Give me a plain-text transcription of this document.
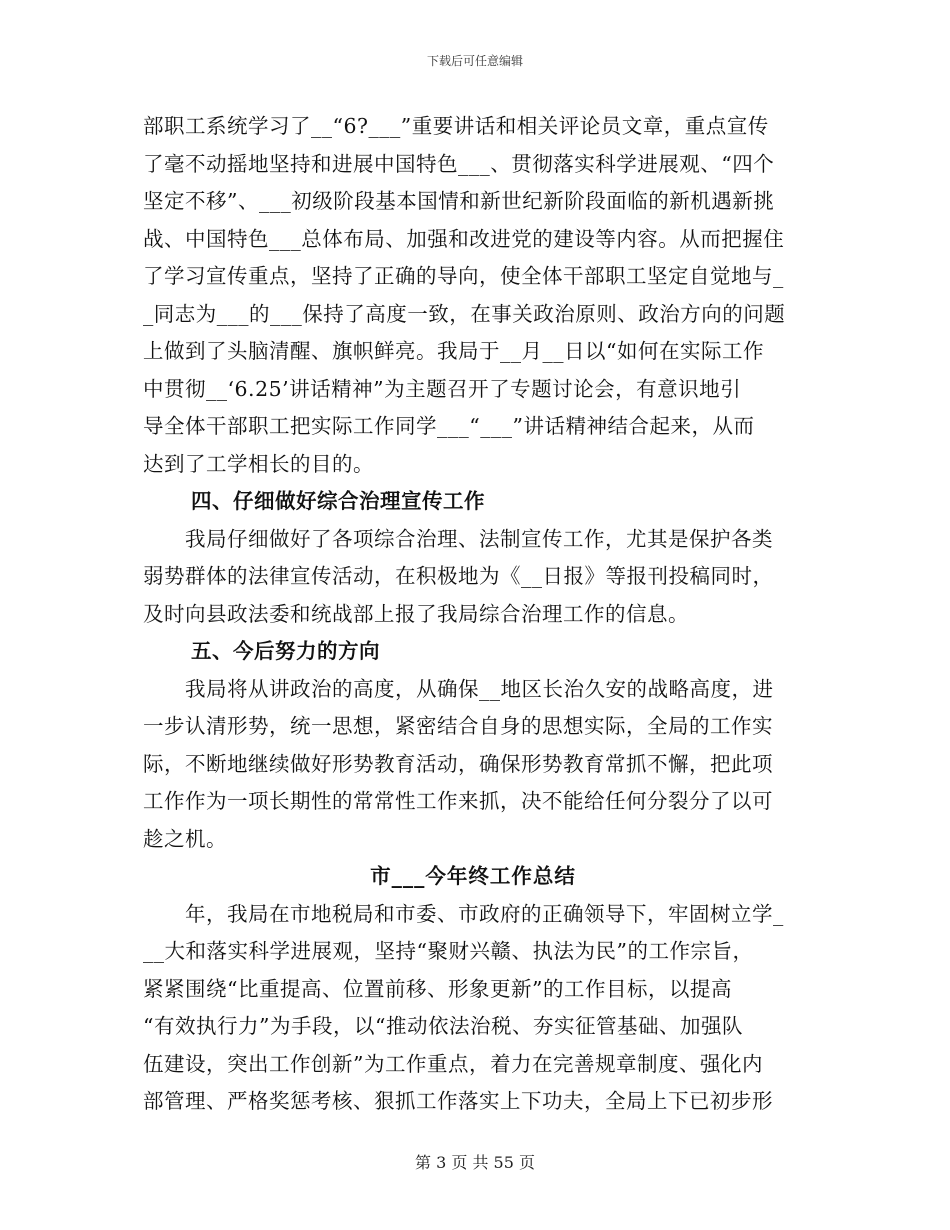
下载后可任意编辑
部职工系统学习了__“6?___”重要讲话和相关评论员文章，重点宣传
了毫不动摇地坚持和进展中国特色___、贯彻落实科学进展观、“四个
坚定不移”、___初级阶段基本国情和新世纪新阶段面临的新机遇新挑
战、中国特色___总体布局、加强和改进党的建设等内容。从而把握住
了学习宣传重点，坚持了正确的导向，使全体干部职工坚定自觉地与_
_同志为___的___保持了高度一致，在事关政治原则、政治方向的问题
上做到了头脑清醒、旗帜鲜亮。我局于__月__日以“如何在实际工作
中贯彻__‘6.25’讲话精神”为主题召开了专题讨论会，有意识地引
导全体干部职工把实际工作同学___“___”讲话精神结合起来，从而
达到了工学相长的目的。
四、仔细做好综合治理宣传工作
　　我局仔细做好了各项综合治理、法制宣传工作，尤其是保护各类
弱势群体的法律宣传活动，在积极地为《__日报》等报刊投稿同时，
及时向县政法委和统战部上报了我局综合治理工作的信息。
五、今后努力的方向
　　我局将从讲政治的高度，从确保__地区长治久安的战略高度，进
一步认清形势，统一思想，紧密结合自身的思想实际，全局的工作实
际，不断地继续做好形势教育活动，确保形势教育常抓不懈，把此项
工作作为一项长期性的常常性工作来抓，决不能给任何分裂分了以可
趁之机。
市___今年终工作总结
　　年，我局在市地税局和市委、市政府的正确领导下，牢固树立学_
__大和落实科学进展观，坚持“聚财兴赣、执法为民”的工作宗旨，
紧紧围绕“比重提高、位置前移、形象更新”的工作目标，以提高
“有效执行力”为手段，以“推动依法治税、夯实征管基础、加强队
伍建设，突出工作创新”为工作重点，着力在完善规章制度、强化内
部管理、严格奖惩考核、狠抓工作落实上下功夫，全局上下已初步形
第 3 页 共 55 页
